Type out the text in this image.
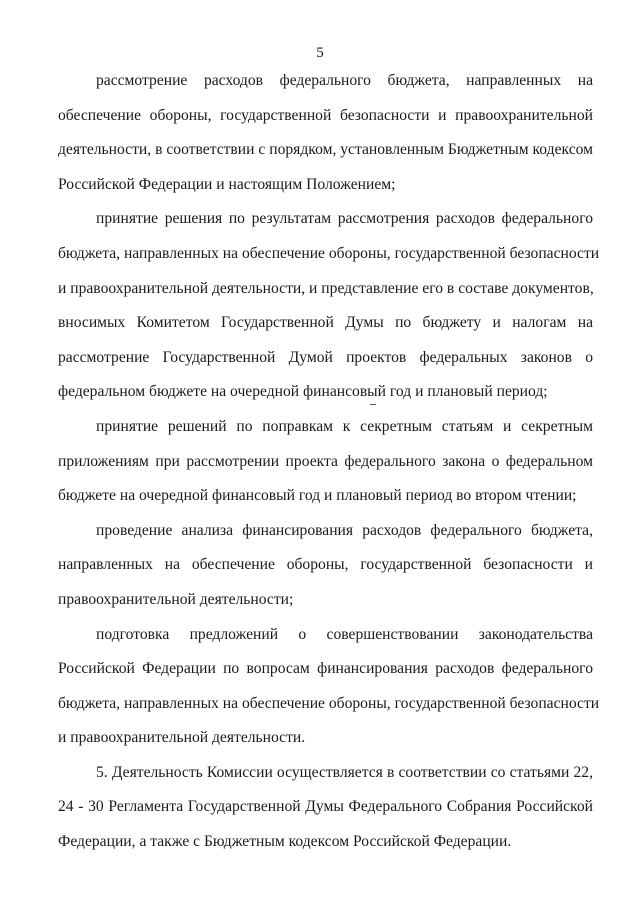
5

рассмотрение расходов федерального бюджета, направленных на
обеспечение обороны, государственной безопасности и правоохранительной
деятельности, в соответствии с порядком, установленным Бюджетным кодексом
Российской Федерации и настоящим Положением;

принятие решения по результатам рассмотрения расходов федерального
бюджета, направленных на обеспечение обороны, государственной безопасности
и правоохранительной деятельности, и представление его в составе документов,
вносимых Комитетом Государственной Думы по бюджету и налогам на
рассмотрение Государственной Думой проектов федеральных законов о
федеральном бюджете на очередной финансовый год и плановый период;

принятие решений по поправкам к секретным статьям и секретным
приложениям при рассмотрении проекта федерального закона о федеральном
бюджете на очередной финансовый год и плановый период во втором чтении;

проведение анализа финансирования расходов федерального бюджета,
направленных на обеспечение обороны, государственной безопасности и
правоохранительной деятельности;

подготовка предложений о совершенствовании законодательства
Российской Федерации по вопросам финансирования расходов федерального
бюджета, направленных на обеспечение обороны, государственной безопасности
и правоохранительной деятельности.

5. Деятельность Комиссии осуществляется в соответствии со статьями 22,
24 - 30 Регламента Государственной Думы Федерального Собрания Российской
Федерации, а также с Бюджетным кодексом Российской Федерации.
